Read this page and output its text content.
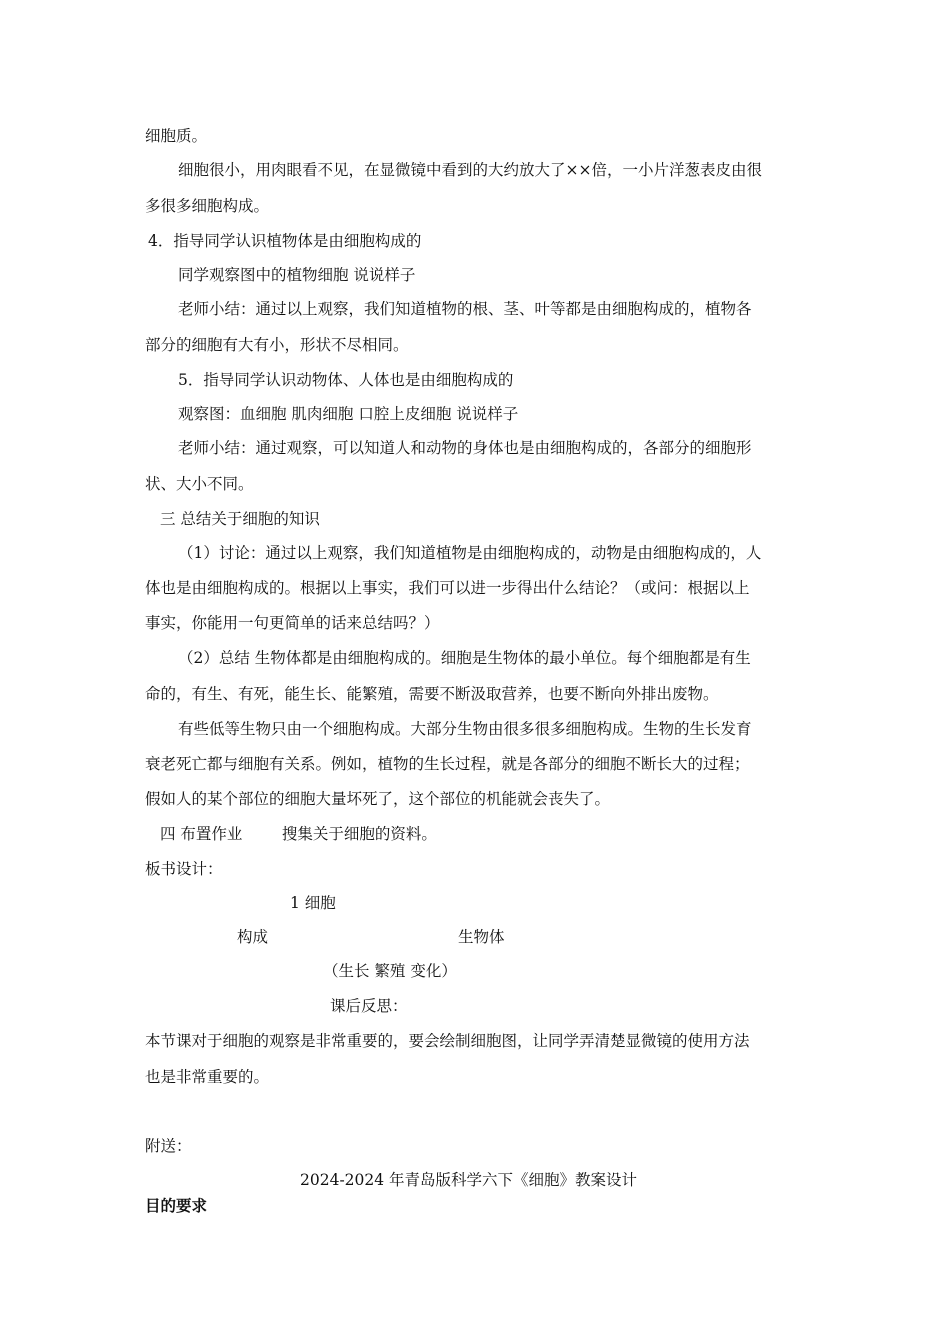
细胞质。
细胞很小，用肉眼看不见，在显微镜中看到的大约放大了××倍，一小片洋葱表皮由很
多很多细胞构成。
4．指导同学认识植物体是由细胞构成的
同学观察图中的植物细胞 说说样子
老师小结：通过以上观察，我们知道植物的根、茎、叶等都是由细胞构成的，植物各
部分的细胞有大有小，形状不尽相同。
5．指导同学认识动物体、人体也是由细胞构成的
观察图：血细胞 肌肉细胞 口腔上皮细胞 说说样子
老师小结：通过观察，可以知道人和动物的身体也是由细胞构成的，各部分的细胞形
状、大小不同。
三 总结关于细胞的知识
（1）讨论：通过以上观察，我们知道植物是由细胞构成的，动物是由细胞构成的，人
体也是由细胞构成的。根据以上事实，我们可以进一步得出什么结论？（或问：根据以上
事实，你能用一句更简单的话来总结吗？）
（2）总结 生物体都是由细胞构成的。细胞是生物体的最小单位。每个细胞都是有生
命的，有生、有死，能生长、能繁殖，需要不断汲取营养，也要不断向外排出废物。
有些低等生物只由一个细胞构成。大部分生物由很多很多细胞构成。生物的生长发育
衰老死亡都与细胞有关系。例如，植物的生长过程，就是各部分的细胞不断长大的过程；
假如人的某个部位的细胞大量坏死了，这个部位的机能就会丧失了。
四 布置作业        搜集关于细胞的资料。
板书设计：
1 细胞
构成	生物体
（生长 繁殖 变化）
课后反思：
本节课对于细胞的观察是非常重要的，要会绘制细胞图，让同学弄清楚显微镜的使用方法
也是非常重要的。
附送：
2024-2024 年青岛版科学六下《细胞》教案设计
目的要求
